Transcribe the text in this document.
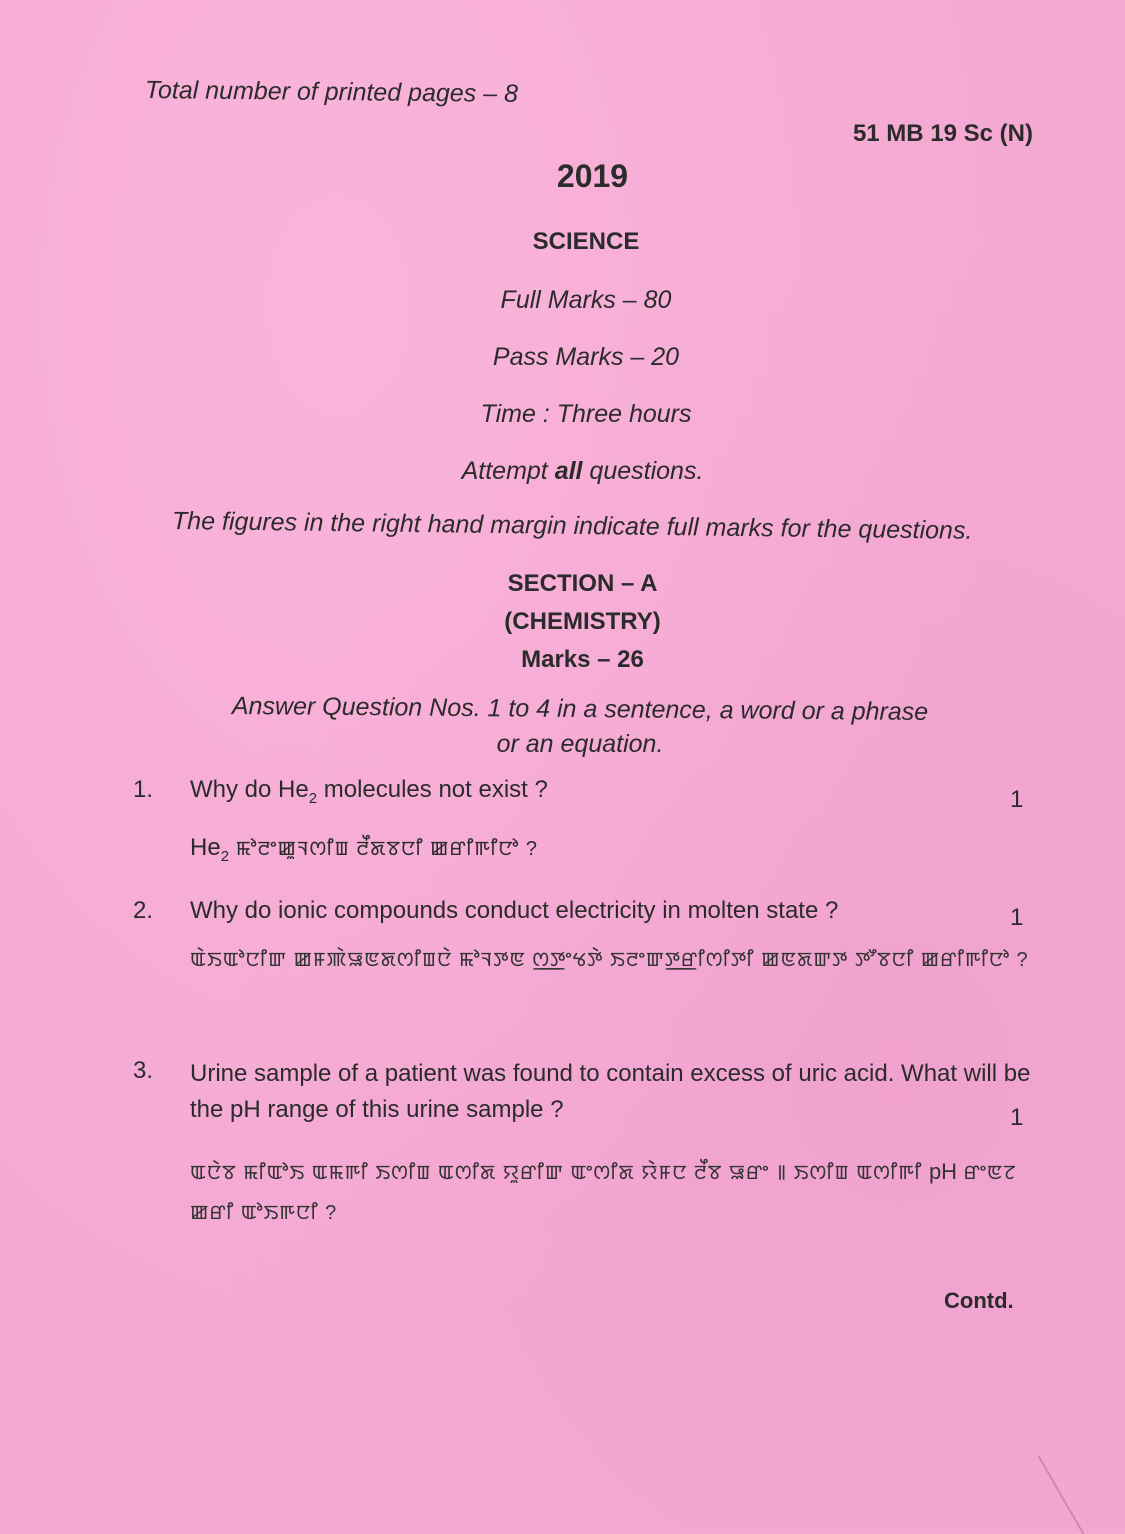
Total number of printed pages – 8
51 MB 19 Sc (N)
2019
SCIENCE
Full Marks – 80
Pass Marks – 20
Time : Three hours
Attempt all questions.
The figures in the right hand margin indicate full marks for the questions.
SECTION – A
(CHEMISTRY)
Marks – 26
Answer Question Nos. 1 to 4 in a sentence, a word or a phrase
or an equation.
1. Why do $He_2$ molecules not exist ?	1
$He_2$ ꯃꯣꯂꯦꯀꯨꯜꯁꯤꯡ ꯂꯩꯗꯕꯅꯤ ꯀꯔꯤꯒꯤꯅꯣ ?
2. Why do ionic compounds conduct electricity in molten state ?	1
ꯑꯥꯏꯑꯣꯅꯤꯛ ꯀꯝꯄꯥꯎꯟꯗꯁꯤꯡꯅꯥ ꯃꯣꯜꯇꯟ ꯁ꯭ꯇꯦꯠꯇꯥ ꯏꯂꯦꯛꯇ꯭ꯔꯤꯁꯤꯇꯤ ꯀꯟꯗꯛꯇ ꯇꯧꯕꯅꯤ ꯀꯔꯤꯒꯤꯅꯣ ?
3. Urine sample of a patient was found to contain excess of uric acid. What will be the pH range of this urine sample ?	1
ꯑꯅꯥꯕ ꯃꯤꯑꯣꯏ ꯑꯃꯒꯤ ꯏꯁꯤꯡ ꯑꯁꯤꯗ ꯌꯨꯔꯤꯛ ꯑꯦꯁꯤꯗ ꯌꯥꯝꯅ ꯂꯩꯕ ꯎꯔꯦ ꯫ ꯏꯁꯤꯡ ꯑꯁꯤꯒꯤ pH ꯔꯦꯟꯖ ꯀꯔꯤ ꯑꯣꯏꯒꯅꯤ ?
Contd.
